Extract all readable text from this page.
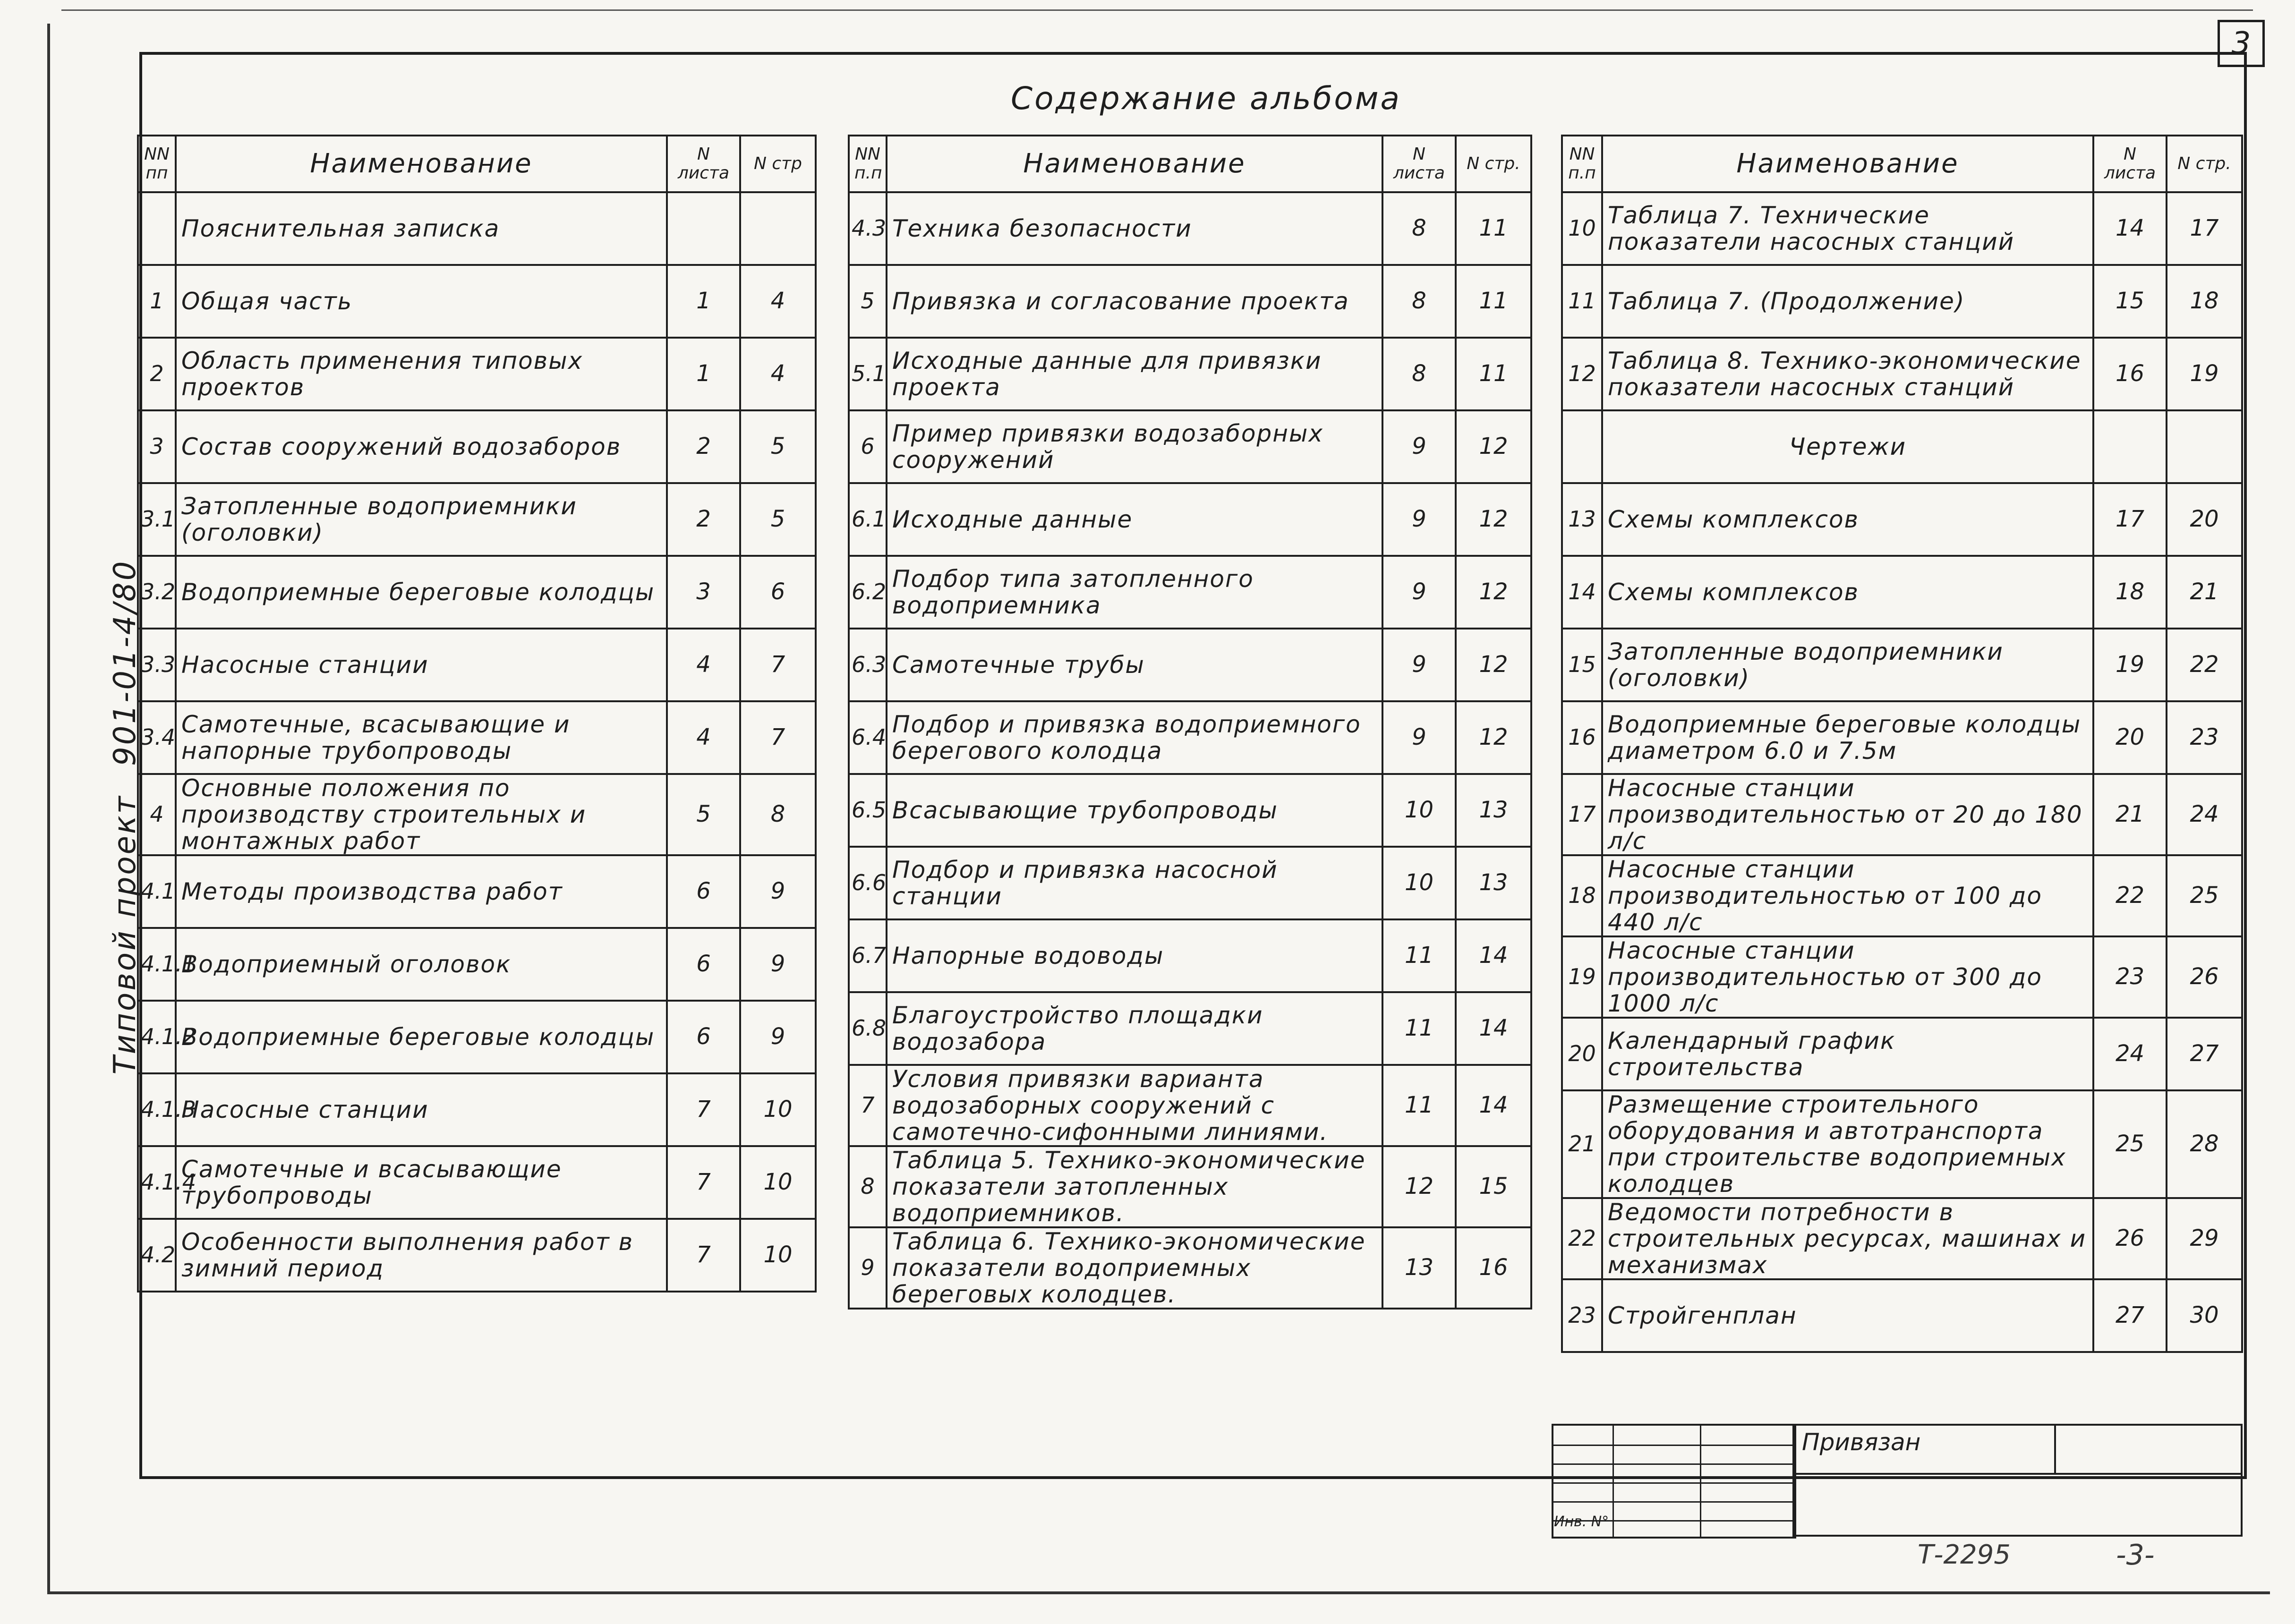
3
Содержание альбома
Типовой проект901-01-4/80
NN пп	Наименование	N листа	N стр
	Пояснительная записка		
1	Общая часть	1	4
2	Область применения типовых проектов	1	4
3	Состав сооружений водозаборов	2	5
3.1	Затопленные водоприемники (оголовки)	2	5
3.2	Водоприемные береговые колодцы	3	6
3.3	Насосные станции	4	7
3.4	Самотечные, всасывающие и напорные трубопроводы	4	7
4	Основные положения по производству строительных и монтажных работ	5	8
4.1	Методы производства работ	6	9
4.1.1	Водоприемный оголовок	6	9
4.1.2	Водоприемные береговые колодцы	6	9
4.1.3	Насосные станции	7	10
4.1.4	Самотечные и всасывающие трубопроводы	7	10
4.2	Особенности выполнения работ в зимний период	7	10
NN п.п	Наименование	N листа	N стр.
4.3	Техника безопасности	8	11
5	Привязка и согласование проекта	8	11
5.1	Исходные данные для привязки проекта	8	11
6	Пример привязки водозаборных сооружений	9	12
6.1	Исходные данные	9	12
6.2	Подбор типа затопленного водоприемника	9	12
6.3	Самотечные трубы	9	12
6.4	Подбор и привязка водоприемного берегового колодца	9	12
6.5	Всасывающие трубопроводы	10	13
6.6	Подбор и привязка насосной станции	10	13
6.7	Напорные водоводы	11	14
6.8	Благоустройство площадки водозабора	11	14
7	Условия привязки варианта водозаборных сооружений с самотечно-сифонными линиями.	11	14
8	Таблица 5. Технико-экономические показатели затопленных водоприемников.	12	15
9	Таблица 6. Технико-экономические показатели водоприемных береговых колодцев.	13	16
NN п.п	Наименование	N листа	N стр.
10	Таблица 7. Технические показатели насосных станций	14	17
11	Таблица 7. (Продолжение)	15	18
12	Таблица 8. Технико-экономические показатели насосных станций	16	19
	Чертежи		
13	Схемы комплексов	17	20
14	Схемы комплексов	18	21
15	Затопленные водоприемники (оголовки)	19	22
16	Водоприемные береговые колодцы диаметром 6.0 и 7.5м	20	23
17	Насосные станции производительностью от 20 до 180 л/с	21	24
18	Насосные станции производительностью от 100 до 440 л/с	22	25
19	Насосные станции производительностью от 300 до 1000 л/с	23	26
20	Календарный график строительства	24	27
21	Размещение строительного оборудования и автотранспорта при строительстве водоприемных колодцев	25	28
22	Ведомости потребности в строительных ресурсах, машинах и механизмах	26	29
23	Стройгенплан	27	30
Привязан
Инв. N°
Т-2295	-3-
